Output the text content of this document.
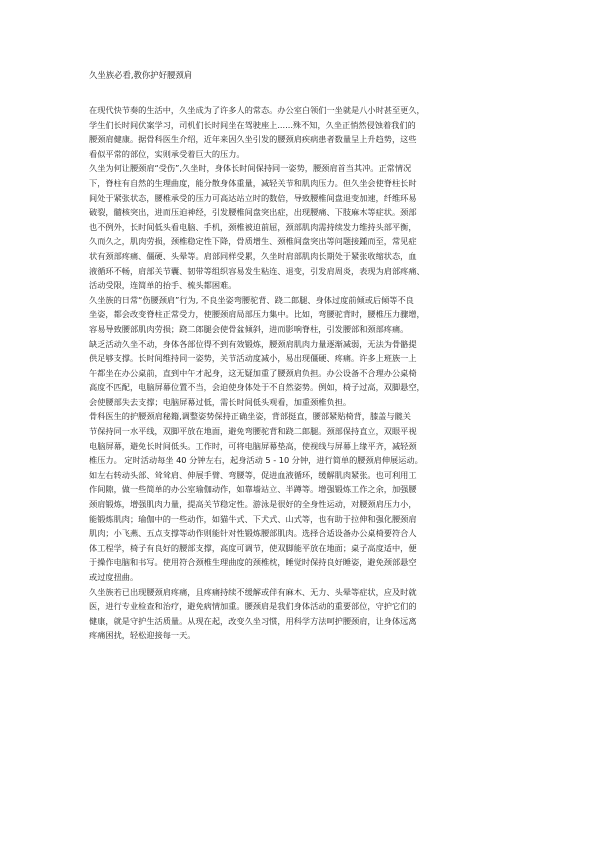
久坐族必看,教你护好腰颈肩
在现代快节奏的生活中，久坐成为了许多人的常态。办公室白领们一坐就是八小时甚至更久，
学生们长时间伏案学习，司机们长时间坐在驾驶座上......殊不知，久坐正悄然侵蚀着我们的
腰颈肩健康。据骨科医生介绍，近年来因久坐引发的腰颈肩疾病患者数量呈上升趋势，这些
看似平常的部位，实则承受着巨大的压力。
久坐为何让腰颈肩“受伤”,久坐时，身体长时间保持同一姿势，腰颈肩首当其冲。正常情况
下，脊柱有自然的生理曲度，能分散身体重量，减轻关节和肌肉压力。但久坐会使脊柱长时
间处于紧张状态，腰椎承受的压力可高达站立时的数倍，导致腰椎间盘退变加速，纤维环易
破裂，髓核突出，进而压迫神经，引发腰椎间盘突出症，出现腰痛、下肢麻木等症状。颈部
也不例外，长时间低头看电脑、手机，颈椎被迫前屈，颈部肌肉需持续发力维持头部平衡，
久而久之，肌肉劳损，颈椎稳定性下降，骨质增生、颈椎间盘突出等问题接踵而至，常见症
状有颈部疼痛、僵硬、头晕等。肩部同样受累，久坐时肩部肌肉长期处于紧张收缩状态，血
液循环不畅，肩部关节囊、韧带等组织容易发生粘连、退变，引发肩周炎，表现为肩部疼痛、
活动受限，连简单的抬手、梳头都困难。
久坐族的日常“伤腰颈肩”行为, 不良坐姿弯腰驼背、跷二郎腿、身体过度前倾或后倾等不良
坐姿，都会改变脊柱正常受力，使腰颈肩局部压力集中。比如，弯腰驼背时，腰椎压力骤增，
容易导致腰部肌肉劳损；跷二郎腿会使骨盆倾斜，进而影响脊柱，引发腰部和颈部疼痛。
缺乏活动久坐不动，身体各部位得不到有效锻炼，腰颈肩肌肉力量逐渐减弱，无法为骨骼提
供足够支撑。长时间维持同一姿势，关节活动度减小，易出现僵硬、疼痛。许多上班族一上
午都坐在办公桌前，直到中午才起身，这无疑加重了腰颈肩负担。办公设备不合理办公桌椅
高度不匹配，电脑屏幕位置不当，会迫使身体处于不自然姿势。例如，椅子过高，双脚悬空，
会使腰部失去支撑；电脑屏幕过低，需长时间低头观看，加重颈椎负担。
骨科医生的护腰颈肩秘籍,调整姿势保持正确坐姿，背部挺直，腰部紧贴椅背，膝盖与髋关
节保持同一水平线，双脚平放在地面，避免弯腰驼背和跷二郎腿。颈部保持直立，双眼平视
电脑屏幕，避免长时间低头。工作时，可将电脑屏幕垫高，使视线与屏幕上缘平齐，减轻颈
椎压力。 定时活动每坐 40 分钟左右，起身活动 5 - 10 分钟，进行简单的腰颈肩伸展运动。
如左右转动头部、耸耸肩、伸展手臂、弯腰等，促进血液循环，缓解肌肉紧张。也可利用工
作间隙，做一些简单的办公室瑜伽动作，如靠墙站立、半蹲等。增强锻炼工作之余，加强腰
颈肩锻炼，增强肌肉力量，提高关节稳定性。游泳是很好的全身性运动，对腰颈肩压力小，
能锻炼肌肉；瑜伽中的一些动作，如猫牛式、下犬式、山式等，也有助于拉伸和强化腰颈肩
肌肉；小飞燕、五点支撑等动作则能针对性锻炼腰部肌肉。选择合适设备办公桌椅要符合人
体工程学，椅子有良好的腰部支撑，高度可调节，使双脚能平放在地面；桌子高度适中，便
于操作电脑和书写。使用符合颈椎生理曲度的颈椎枕，睡觉时保持良好睡姿，避免颈部悬空
或过度扭曲。
久坐族若已出现腰颈肩疼痛，且疼痛持续不缓解或伴有麻木、无力、头晕等症状，应及时就
医，进行专业检查和治疗，避免病情加重。腰颈肩是我们身体活动的重要部位，守护它们的
健康，就是守护生活质量。从现在起，改变久坐习惯，用科学方法呵护腰颈肩，让身体远离
疼痛困扰，轻松迎接每一天。
